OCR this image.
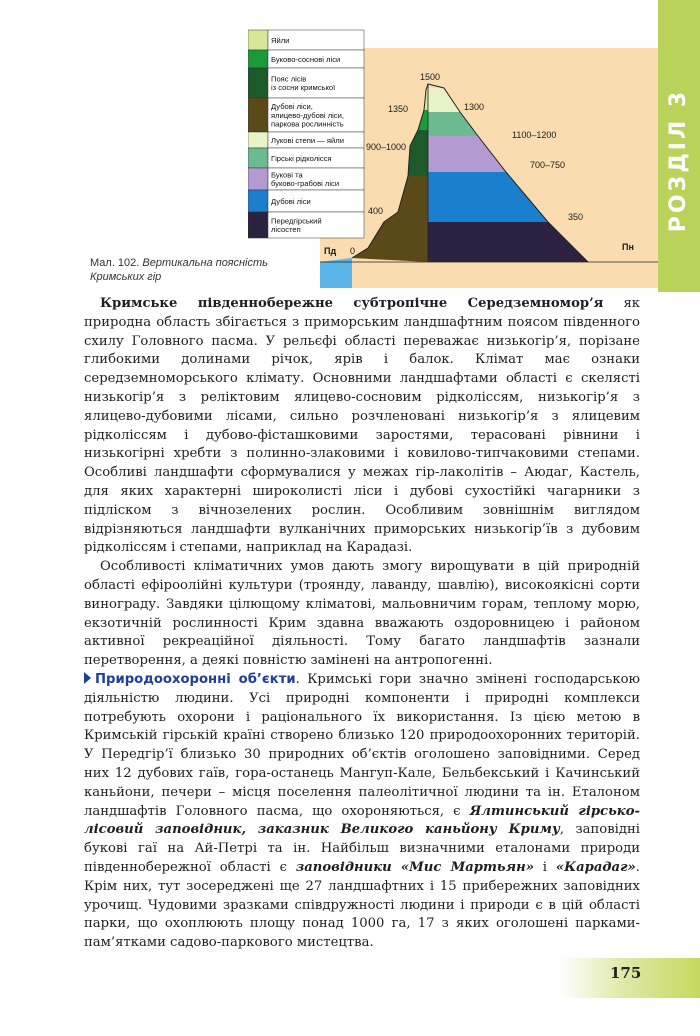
РОЗДІЛ 3
Яйли
Буково-соснові ліси
Пояс лісів із сосни кримської
Дубові ліси, ялицево-дубові ліси, паркова рослинність
Лукові степи — яйли
Гірські рідколісся
Букові та буково-грабові ліси
Дубові ліси
Передгірський лісостеп
1500
1350	1300
1100–1200
900–1000
700–750
400
350
0
Пд	Пн
Мал. 102. Вертикальна поясність Кримських гір

Кримське південнобережне субтропічне Середземномор’я як природна область збігається з приморським ландшафтним поясом південного схилу Головного пасма. У рельєфі області переважає низькогір’я, порізане глибокими долинами річок, ярів і балок. Клімат має ознаки середземноморського клімату. Основними ландшафтами області є скелясті низькогір’я з реліктовим ялицево-сосновим рідколіссям, низькогір’я з ялицево-дубовими лісами, сильно розчленовані низькогір’я з ялицевим рідколіссям і дубово-фісташковими заростями, терасовані рівнини і низькогірні хребти з полинно-злаковими і ковилово-типчаковими степами. Особливі ландшафти сформувалися у межах гір-лаколітів – Аюдаг, Кастель, для яких характерні широколисті ліси і дубові сухостійкі чагарники з підліском з вічнозелених рослин. Особливим зовнішнім виглядом відрізняються ландшафти вулканічних приморських низькогір’їв з дубовим рідколіссям і степами, наприклад на Карадазі.

Особливості кліматичних умов дають змогу вирощувати в цій природній області ефіроолійні культури (троянду, лаванду, шавлію), високоякісні сорти винограду. Завдяки цілющому кліматові, мальовничим горам, теплому морю, екзотичній рослинності Крим здавна вважають оздоровницею і районом активної рекреаційної діяльності. Тому багато ландшафтів зазнали перетворення, а деякі повністю замінені на антропогенні.

Природоохоронні об’єкти. Кримські гори значно змінені господарською діяльністю людини. Усі природні компоненти і природні комплекси потребують охорони і раціонального їх використання. Із цією метою в Кримській гірській країні створено близько 120 природоохоронних територій. У Передгір’ї близько 30 природних об’єктів оголошено заповідними. Серед них 12 дубових гаїв, гора-останець Мангуп-Кале, Бельбекський і Качинський каньйони, печери – місця поселення палеолітичної людини та ін. Еталоном ландшафтів Головного пасма, що охороняються, є Ялтинський гірсько-лісовий заповідник, заказник Великого каньйону Криму, заповідні букові гаї на Ай-Петрі та ін. Найбільш визначними еталонами природи південнобережної області є заповідники «Мис Мартьян» і «Карадаг». Крім них, тут зосереджені ще 27 ландшафтних і 15 прибережних заповідних урочищ. Чудовими зразками співдружності людини і природи є в цій області парки, що охоплюють площу понад 1000 га, 17 з яких оголошені парками-пам’ятками садово-паркового мистецтва.

175
